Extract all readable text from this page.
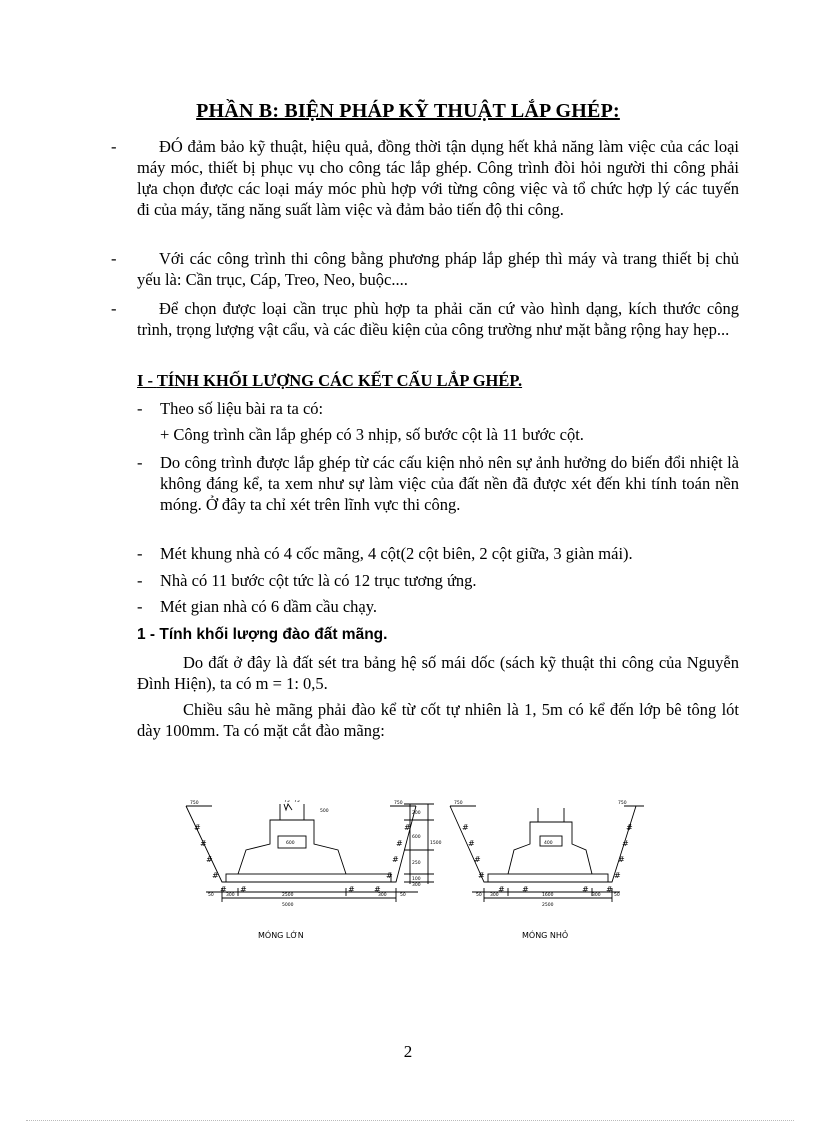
PHẦN B: BIỆN PHÁP KỸ THUẬT LẮP GHÉP:
-	ĐÓ đảm bảo kỹ thuật, hiệu quả, đồng thời tận dụng hết khả năng làm việc của các loại máy móc, thiết bị phục vụ cho công tác lắp ghép. Công trình đòi hỏi người thi công phải lựa chọn được các loại máy móc phù hợp với từng công việc và tổ chức hợp lý các tuyến đi của máy, tăng năng suất làm việc và đảm bảo tiến độ thi công.
-	Với các công trình thi công bằng phương pháp lắp ghép thì máy và trang thiết bị chủ yếu là: Cần trục, Cáp, Treo, Neo, buộc....
-	Để chọn được loại cần trục phù hợp ta phải căn cứ vào hình dạng, kích thước công trình, trọng lượng vật cẩu, và các điều kiện của công trường như mặt bằng rộng hay hẹp...
I - TÍNH KHỐI LƯỢNG CÁC KẾT CẤU LẮP GHÉP.
- Theo số liệu bài ra ta có:
+ Công trình cần lắp ghép có 3 nhịp, số bước cột là 11 bước cột.
- Do công trình được lắp ghép từ các cấu kiện nhỏ nên sự ảnh hưởng do biến đổi nhiệt là không đáng kể, ta xem như sự làm việc của đất nền đã được xét đến khi tính toán nền móng. Ở đây ta chỉ xét trên lĩnh vực thi công.
- Mét khung nhà có 4 cốc mãng, 4 cột(2 cột biên, 2 cột giữa, 3 giàn mái).
- Nhà có 11 bước cột tức là có 12 trục tương ứng.
- Mét gian nhà có 6 dầm cầu chạy.
1 - Tính khối lượng đào đất mãng.
Do đất ở đây là đất sét tra bảng hệ số mái dốc (sách kỹ thuật thi công của Nguyễn Đình Hiện), ta có m = 1: 0,5.
Chiều sâu hè mãng phải đào kể từ cốt tự nhiên là 1, 5m có kể đến lớp bê tông lót dày 100mm. Ta có mặt cắt đào mãng:
#
#
#
#
# #	# #
#
#
#
#
#
#
#
#
# #	# #
#
#
#
#
750	750
75 75
500
600
2500
5000
50	300	300	50
200
600
250
1500
100
300
750	750
400
1600
2500
50 300	300	50
MÓNG LỚN	MÓNG NHỎ
2
